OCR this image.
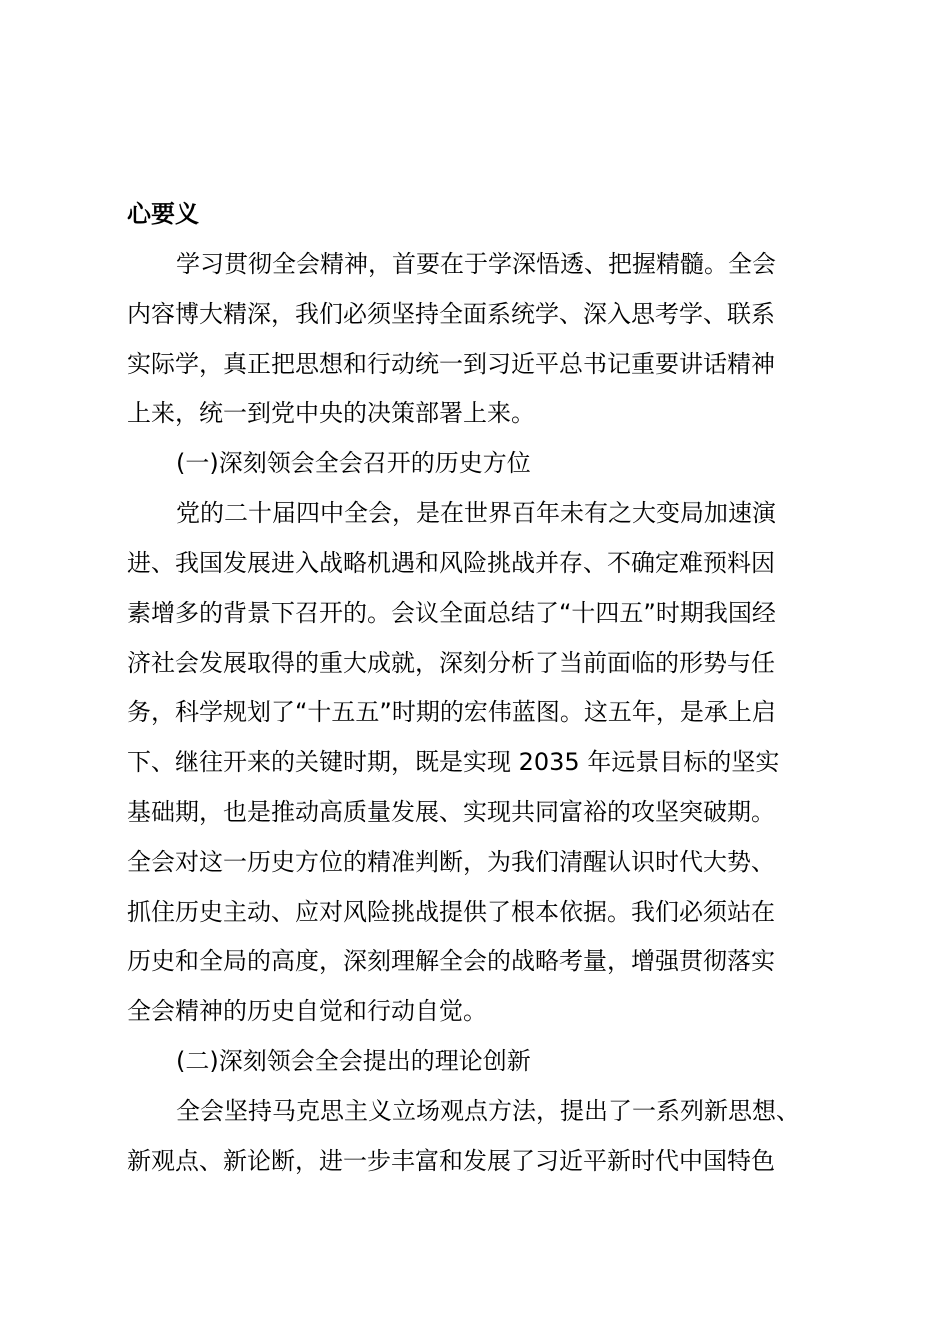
心要义
学习贯彻全会精神，首要在于学深悟透、把握精髓。全会
内容博大精深，我们必须坚持全面系统学、深入思考学、联系
实际学，真正把思想和行动统一到习近平总书记重要讲话精神
上来，统一到党中央的决策部署上来。
(一)深刻领会全会召开的历史方位
党的二十届四中全会，是在世界百年未有之大变局加速演
进、我国发展进入战略机遇和风险挑战并存、不确定难预料因
素增多的背景下召开的。会议全面总结了“十四五”时期我国经
济社会发展取得的重大成就，深刻分析了当前面临的形势与任
务，科学规划了“十五五”时期的宏伟蓝图。这五年，是承上启
下、继往开来的关键时期，既是实现 2035 年远景目标的坚实
基础期，也是推动高质量发展、实现共同富裕的攻坚突破期。
全会对这一历史方位的精准判断，为我们清醒认识时代大势、
抓住历史主动、应对风险挑战提供了根本依据。我们必须站在
历史和全局的高度，深刻理解全会的战略考量，增强贯彻落实
全会精神的历史自觉和行动自觉。
(二)深刻领会全会提出的理论创新
全会坚持马克思主义立场观点方法，提出了一系列新思想、
新观点、新论断，进一步丰富和发展了习近平新时代中国特色
